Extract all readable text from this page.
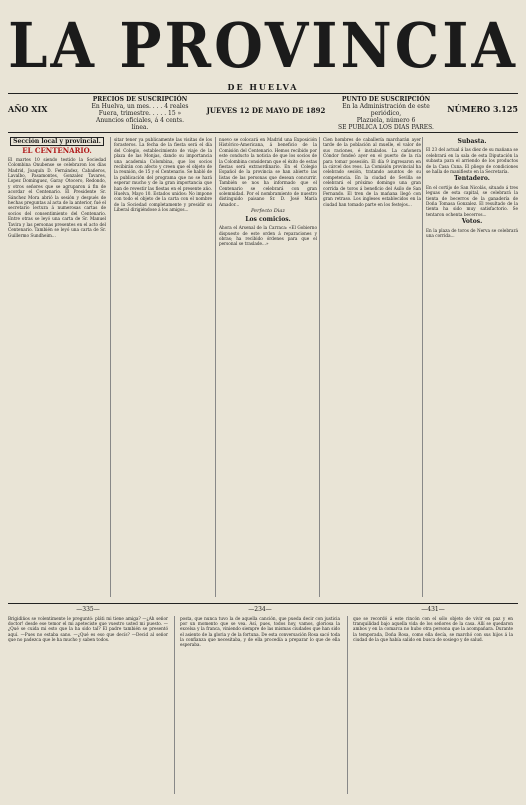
LA PROVINCIA
DE HUELVA
AÑO XIX
PRECIOS DE SUSCRIPCIÓN
En Huelva, un mes. . . . 4 reales
Fuera, trimestre. . . . . 15 »
Anuncios oficiales, á 4 cents. línea.
JUEVES 12 DE MAYO DE 1892
PUNTO DE SUSCRIPCIÓN
En la Administración de este periódico,
Plazuela, número 6
SE PUBLICA LOS DIAS PARES.
NÚMERO 3.125
Sección local y provincial.
EL CENTENARIO.
El martes 10 siendo testido la Sociedad Colombina Onubense se celebraron los días Madrid, Joaquín D. Fernández, Cabañeros, Lavalbo, Pasamontes, Gonzalez Tavares, Lopez Domínguez, Garay Otocero, Redondo, y otros señores que se agruparon á fin de acordar el Centenario. El Presidente Sr. Sánchez Mora abrió la sesión y después de hechas preguntas al acta de la anterior, fué el secretario lectura á numerosas cartas de socios del consentimiento del Centenario. Entre otras se leyó una carta de Sr. Manuel Tavira y las personas presentes en el acto del Centenario. También se leyó una carta de Sr. Guillermo Sundheim...
sitar tener ya publicamente las visitas de los forasteros. La fecha de la fiesta será el día del Colegio, establecimiento de viaje de la plaza de las Monjas, dando su importancia una academia Colombina, que los socios recibirán con afecto y creen que el objeto de la reunión, de 15 y el Centenario. Se habló de la publicación del programa que no se hará esperar mucho y de la gran importancia que han de revestir las fiestas en el presente año. Huelva, Mayo 10. Estados unidos: No impone con todo el objeto de la carta con el nombre de la Sociedad completamente y presidir su Liberal dirigiéndose á los amigos...
nuevo se colocará en Madrid una Exposición Histórico-Americana, á beneficio de la Comisión del Centenario. Hemos recibido por este conducto la noticia de que los socios de la Colombina consideran que el éxito de estas fiestas será extraordinario. En el Colegio Español de la provincia se han abierto las listas de las personas que desean concurrir. También se nos ha informado que el Centenario se celebrará con gran solemnidad. Por el nombramiento de nuestro distinguido paisano Sr. D. José María Amador...
Perfecto Diaz
Los comicios.
Ahora el Arsenal de la Carraca: «El Gobierno dispuesto de este orden á reparaciones y obras; ha recibido órdenes para que el personal se traslade...»
Cien hombres de caballería marcharán ayer tarde de la población al muelle, el valor de sus raciones, é instalados. La cañonera Cóndor fondeó ayer en el puerto de la ría para tomar posesión. El día 9 ingresaron en la cárcel dos reos. La Comisión provincial ha celebrado sesión, tratando asuntos de su competencia. En la ciudad de Sevilla se celebrará el próximo domingo una gran corrida de toros á beneficio del Asilo de San Fernando. El tren de la mañana llegó con gran retraso. Los ingleses establecidos en la ciudad han tomado parte en los festejos...
Subasta.
El 23 del actual á las diez de su mañana se celebrará en la sala de esta Diputación la subasta para el arriendo de los productos de la Casa Cuna. El pliego de condiciones se halla de manifiesto en la Secretaría.
Tentadero.
En el cortijo de San Nicolás, situado á tres leguas de esta capital, se celebrará la tienta de becerros de la ganadería de Doña Tomasa Gonzalez. El resultado de la tienta ha sido muy satisfactorio. Se tentaron ochenta becerros...
Votos.
En la plaza de toros de Nerva se celebrará una corrida...
—335—	—234—	—431—
Brigidiños se volentimente le preguntó: pláti mi tiene amiga? —¿Ah señor doctor! desde ese temor el mi apeteciste que vuestro usted mi puesto. —¿Qué se cuida mi esto que la ha sido tal? El padre también se presentó aquí. —Pues no estaba sano. —¿Qué es eso que decís? —Decid al señor que no padezca que le ha mucho y saben todos.
posta, que nunca tuvo la de aquella canción, que pueda decir con justicia por un momento que se vea. Así, pues, todos hoy, vamos, gloriosa la excelsa y la franca, viniendo siempre de las mismas ciudades que han sido el asiento de la gloria y de la fortuna. De esta conversación Rosa sacó toda la confianza que necesitaba, y de ella procedía a preparar lo que de ella esperaba.
que se recordó á este rincón con el sólo objeto de vivir en paz y en tranquilidad bajo aquella vida de los señores de la casa. Allí se quedaron ambos y en la comarca no hubo otra persona que la acompañara. Durante la temporada, Doña Rosa, como ella decía, se marchó con sus hijos á la ciudad de la que había salido en busca de sosiego y de salud.
